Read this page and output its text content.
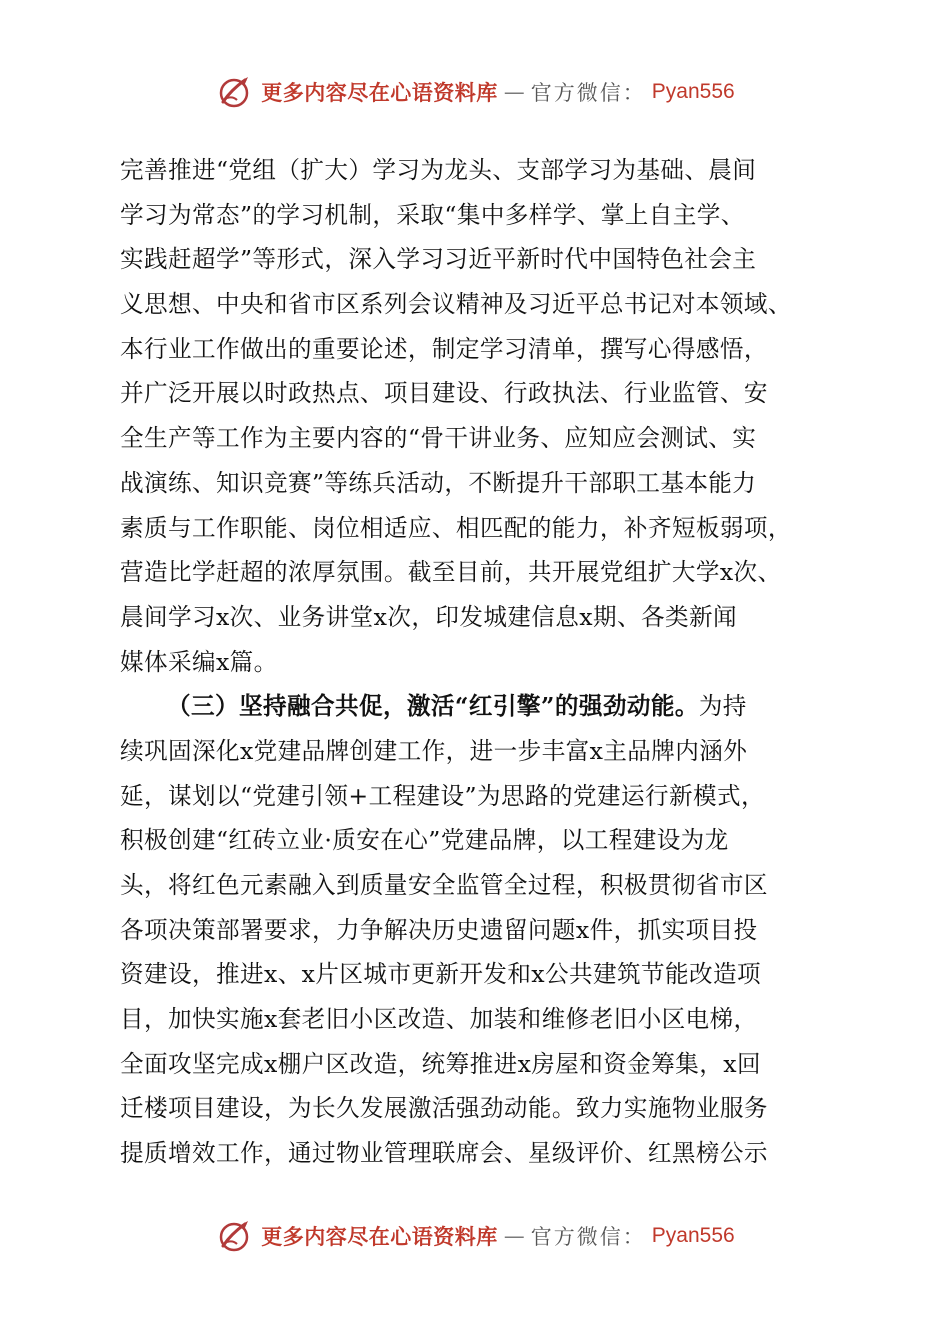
更多内容尽在心语资料库 — 官方微信： Pyan556
完善推进“党组（扩大）学习为龙头、支部学习为基础、晨间
学习为常态”的学习机制，采取“集中多样学、掌上自主学、
实践赶超学”等形式，深入学习习近平新时代中国特色社会主
义思想、中央和省市区系列会议精神及习近平总书记对本领域、
本行业工作做出的重要论述，制定学习清单，撰写心得感悟，
并广泛开展以时政热点、项目建设、行政执法、行业监管、安
全生产等工作为主要内容的“骨干讲业务、应知应会测试、实
战演练、知识竞赛”等练兵活动，不断提升干部职工基本能力
素质与工作职能、岗位相适应、相匹配的能力，补齐短板弱项，
营造比学赶超的浓厚氛围。截至目前，共开展党组扩大学x次、
晨间学习x次、业务讲堂x次，印发城建信息x期、各类新闻
媒体采编x篇。
（三）坚持融合共促，激活“红引擎”的强劲动能。为持
续巩固深化x党建品牌创建工作，进一步丰富x主品牌内涵外
延，谋划以“党建引领+工程建设”为思路的党建运行新模式，
积极创建“红砖立业·质安在心”党建品牌，以工程建设为龙
头，将红色元素融入到质量安全监管全过程，积极贯彻省市区
各项决策部署要求，力争解决历史遗留问题x件，抓实项目投
资建设，推进x、x片区城市更新开发和x公共建筑节能改造项
目，加快实施x套老旧小区改造、加装和维修老旧小区电梯，
全面攻坚完成x棚户区改造，统筹推进x房屋和资金筹集，x回
迁楼项目建设，为长久发展激活强劲动能。致力实施物业服务
提质增效工作，通过物业管理联席会、星级评价、红黑榜公示
更多内容尽在心语资料库 — 官方微信： Pyan556
